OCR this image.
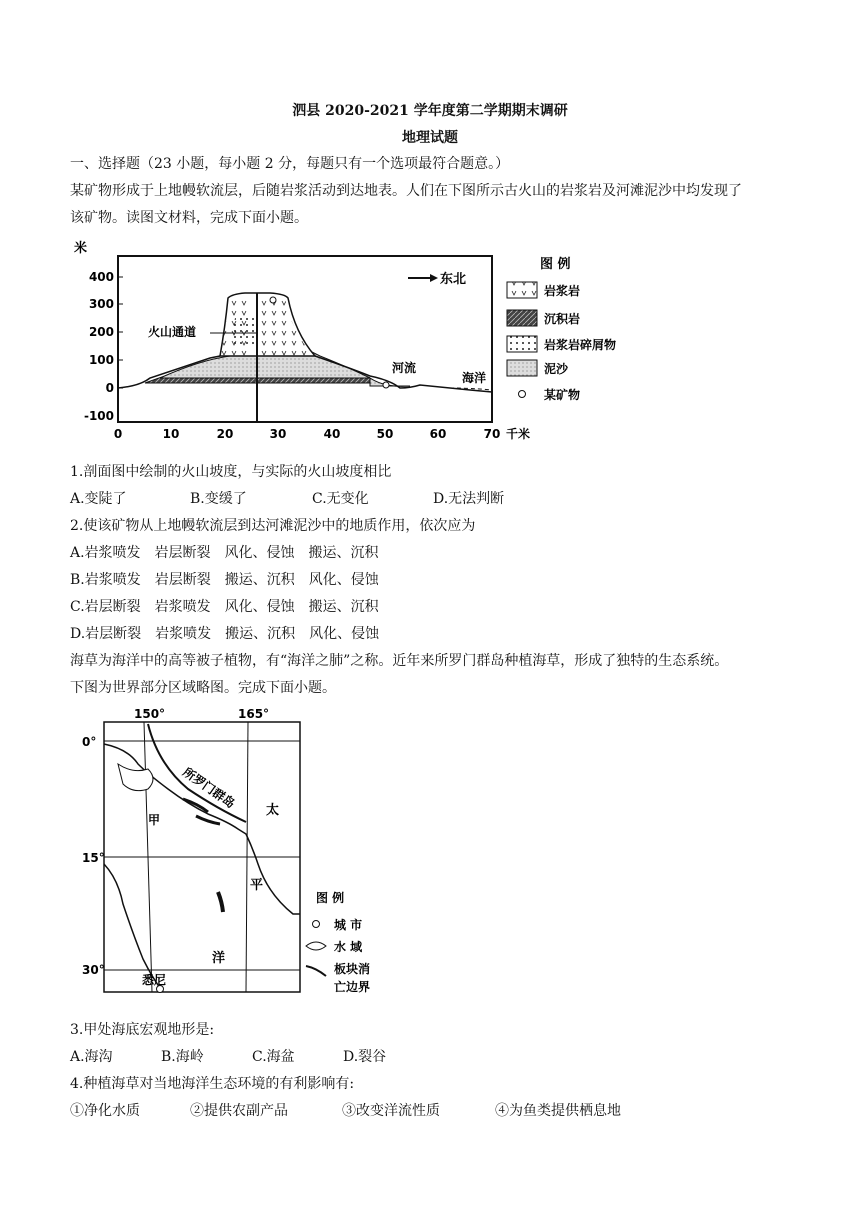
泗县 2020-2021 学年度第二学期期末调研
地理试题
一、选择题（23 小题，每小题 2 分，每题只有一个选项最符合题意。）
某矿物形成于上地幔软流层，后随岩浆活动到达地表。人们在下图所示古火山的岩浆岩及河滩泥沙中均发现了
该矿物。读图文材料，完成下面小题。
米
400
300
200
100
0
-100
0	10	20	30	40	50	60	70 千米
火山通道
河流
海洋
东北
图 例
岩浆岩
沉积岩
岩浆岩碎屑物
泥沙
某矿物
1.剖面图中绘制的火山坡度，与实际的火山坡度相比
A.变陡了	B.变缓了	C.无变化	D.无法判断
2.使该矿物从上地幔软流层到达河滩泥沙中的地质作用，依次应为
A.岩浆喷发　岩层断裂　风化、侵蚀　搬运、沉积
B.岩浆喷发　岩层断裂　搬运、沉积　风化、侵蚀
C.岩层断裂　岩浆喷发　风化、侵蚀　搬运、沉积
D.岩层断裂　岩浆喷发　搬运、沉积　风化、侵蚀
海草为海洋中的高等被子植物，有“海洋之肺”之称。近年来所罗门群岛种植海草，形成了独特的生态系统。
下图为世界部分区域略图。完成下面小题。
150°	165°
0°
15°
30°
所罗门群岛
甲
太
平
洋
悉尼
图 例
城 市
水 域
板块消
亡边界
3.甲处海底宏观地形是:
A.海沟	B.海岭	C.海盆	D.裂谷
4.种植海草对当地海洋生态环境的有利影响有:
①净化水质	②提供农副产品	③改变洋流性质	④为鱼类提供栖息地
